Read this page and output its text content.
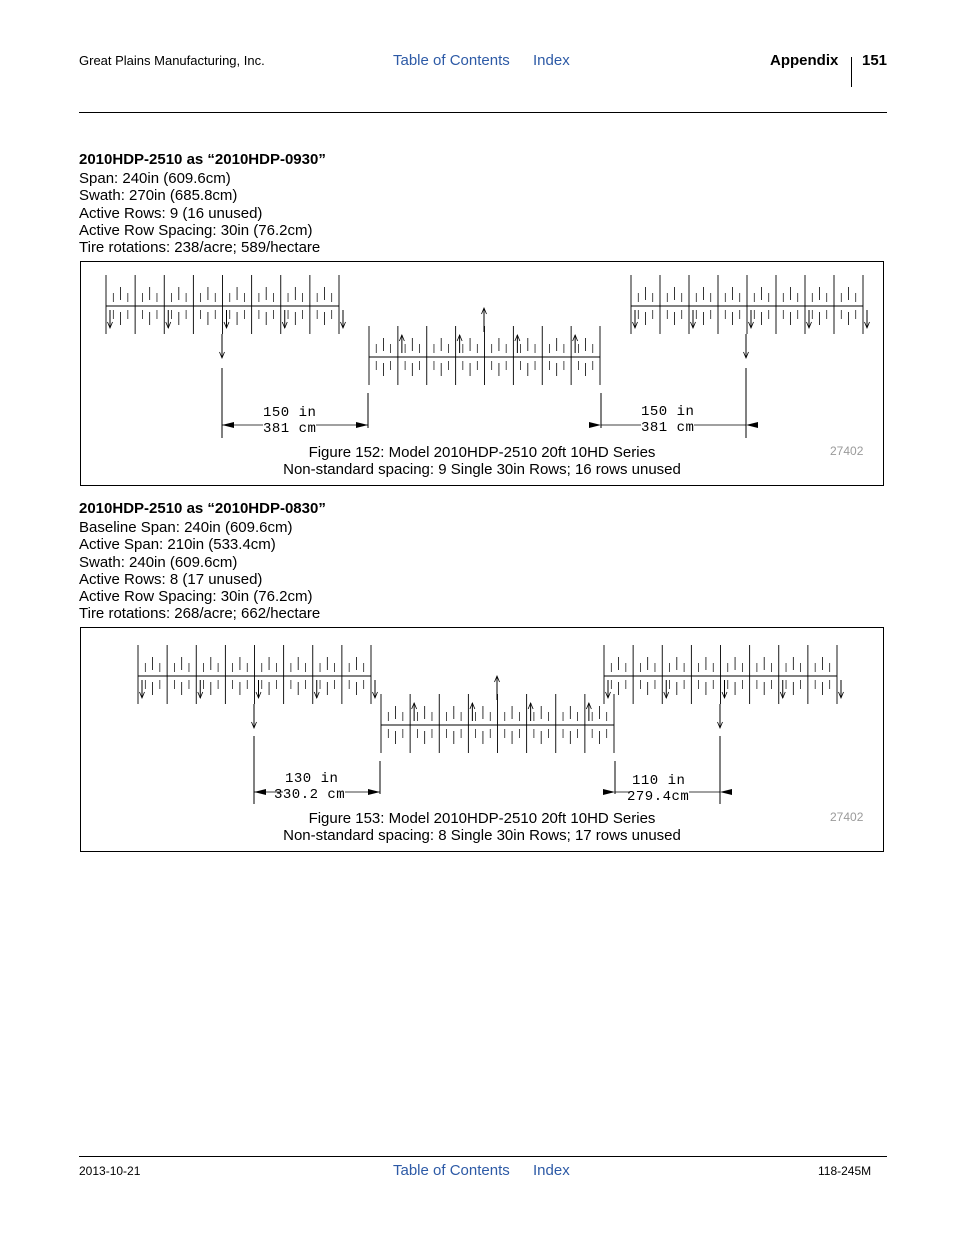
Great Plains Manufacturing, Inc.	Table of Contents Index	Appendix 151
2010HDP-2510 as “2010HDP-0930”
Span: 240in (609.6cm)
Swath: 270in (685.8cm)
Active Rows: 9 (16 unused)
Active Row Spacing: 30in (76.2cm)
Tire rotations: 238/acre; 589/hectare
150 in
381 cm
150 in
381 cm
Figure 152: Model 2010HDP-2510 20ft 10HD Series
Non-standard spacing: 9 Single 30in Rows; 16 rows unused
27402
2010HDP-2510 as “2010HDP-0830”
Baseline Span: 240in (609.6cm)
Active Span: 210in (533.4cm)
Swath: 240in (609.6cm)
Active Rows: 8 (17 unused)
Active Row Spacing: 30in (76.2cm)
Tire rotations: 268/acre; 662/hectare
130 in
330.2 cm
110 in
279.4cm
Figure 153: Model 2010HDP-2510 20ft 10HD Series
Non-standard spacing: 8 Single 30in Rows; 17 rows unused
27402
2013-10-21	Table of Contents Index	118-245M
